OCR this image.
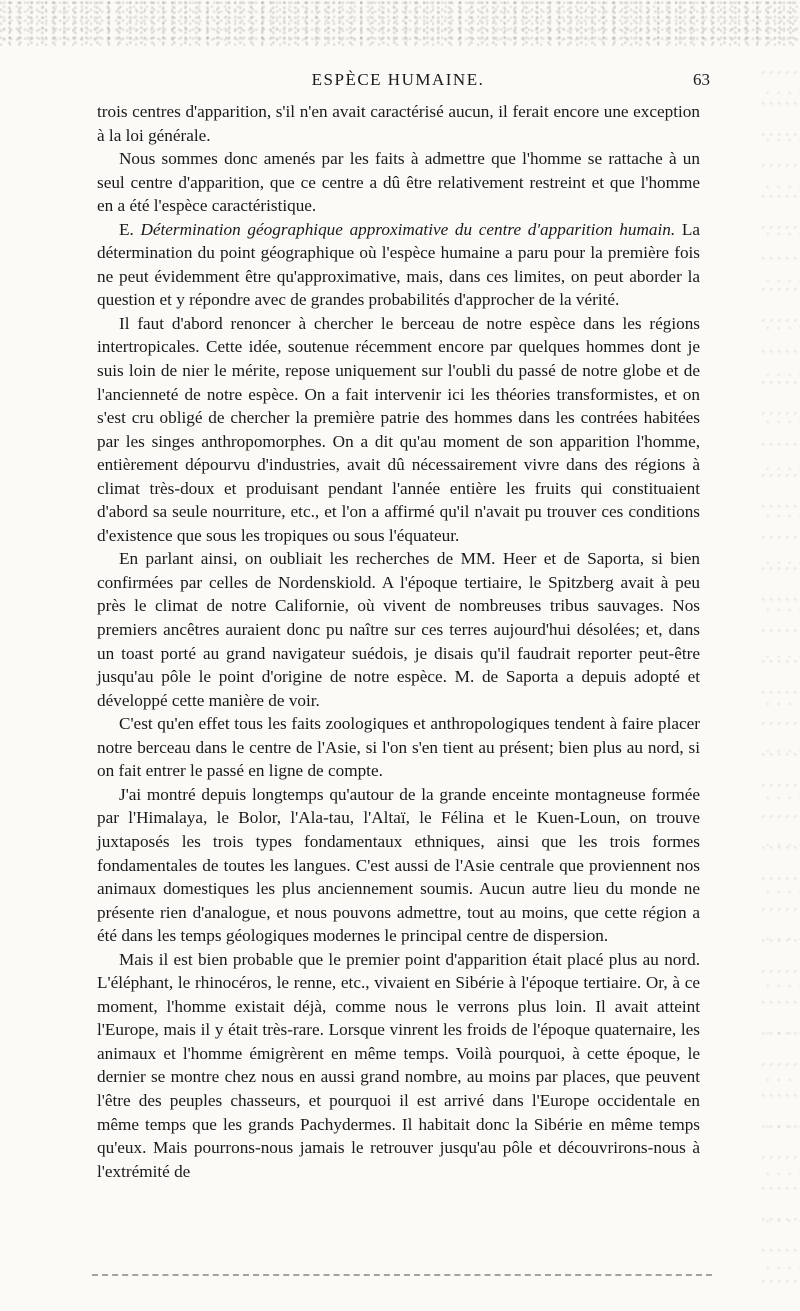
ESPÈCE HUMAINE.	63

trois centres d'apparition, s'il n'en avait caractérisé aucun, il ferait encore une exception à la loi générale.

Nous sommes donc amenés par les faits à admettre que l'homme se rattache à un seul centre d'apparition, que ce centre a dû être relativement restreint et que l'homme en a été l'espèce caractéristique.

E. Détermination géographique approximative du centre d'apparition humain. La détermination du point géographique où l'espèce humaine a paru pour la première fois ne peut évidemment être qu'approximative, mais, dans ces limites, on peut aborder la question et y répondre avec de grandes probabilités d'approcher de la vérité.

Il faut d'abord renoncer à chercher le berceau de notre espèce dans les régions intertropicales. Cette idée, soutenue récemment encore par quelques hommes dont je suis loin de nier le mérite, repose uniquement sur l'oubli du passé de notre globe et de l'ancienneté de notre espèce. On a fait intervenir ici les théories transformistes, et on s'est cru obligé de chercher la première patrie des hommes dans les contrées habitées par les singes anthropomorphes. On a dit qu'au moment de son apparition l'homme, entièrement dépourvu d'industries, avait dû nécessairement vivre dans des régions à climat très-doux et produisant pendant l'année entière les fruits qui constituaient d'abord sa seule nourriture, etc., et l'on a affirmé qu'il n'avait pu trouver ces conditions d'existence que sous les tropiques ou sous l'équateur.

En parlant ainsi, on oubliait les recherches de MM. Heer et de Saporta, si bien confirmées par celles de Nordenskiold. A l'époque tertiaire, le Spitzberg avait à peu près le climat de notre Californie, où vivent de nombreuses tribus sauvages. Nos premiers ancêtres auraient donc pu naître sur ces terres aujourd'hui désolées; et, dans un toast porté au grand navigateur suédois, je disais qu'il faudrait reporter peut-être jusqu'au pôle le point d'origine de notre espèce. M. de Saporta a depuis adopté et développé cette manière de voir.

C'est qu'en effet tous les faits zoologiques et anthropologiques tendent à faire placer notre berceau dans le centre de l'Asie, si l'on s'en tient au présent; bien plus au nord, si on fait entrer le passé en ligne de compte.

J'ai montré depuis longtemps qu'autour de la grande enceinte montagneuse formée par l'Himalaya, le Bolor, l'Ala-tau, l'Altaï, le Félina et le Kuen-Loun, on trouve juxtaposés les trois types fondamentaux ethniques, ainsi que les trois formes fondamentales de toutes les langues. C'est aussi de l'Asie centrale que proviennent nos animaux domestiques les plus anciennement soumis. Aucun autre lieu du monde ne présente rien d'analogue, et nous pouvons admettre, tout au moins, que cette région a été dans les temps géologiques modernes le principal centre de dispersion.

Mais il est bien probable que le premier point d'apparition était placé plus au nord. L'éléphant, le rhinocéros, le renne, etc., vivaient en Sibérie à l'époque tertiaire. Or, à ce moment, l'homme existait déjà, comme nous le verrons plus loin. Il avait atteint l'Europe, mais il y était très-rare. Lorsque vinrent les froids de l'époque quaternaire, les animaux et l'homme émigrèrent en même temps. Voilà pourquoi, à cette époque, le dernier se montre chez nous en aussi grand nombre, au moins par places, que peuvent l'être des peuples chasseurs, et pourquoi il est arrivé dans l'Europe occidentale en même temps que les grands Pachydermes. Il habitait donc la Sibérie en même temps qu'eux. Mais pourrons-nous jamais le retrouver jusqu'au pôle et découvrirons-nous à l'extrémité de
